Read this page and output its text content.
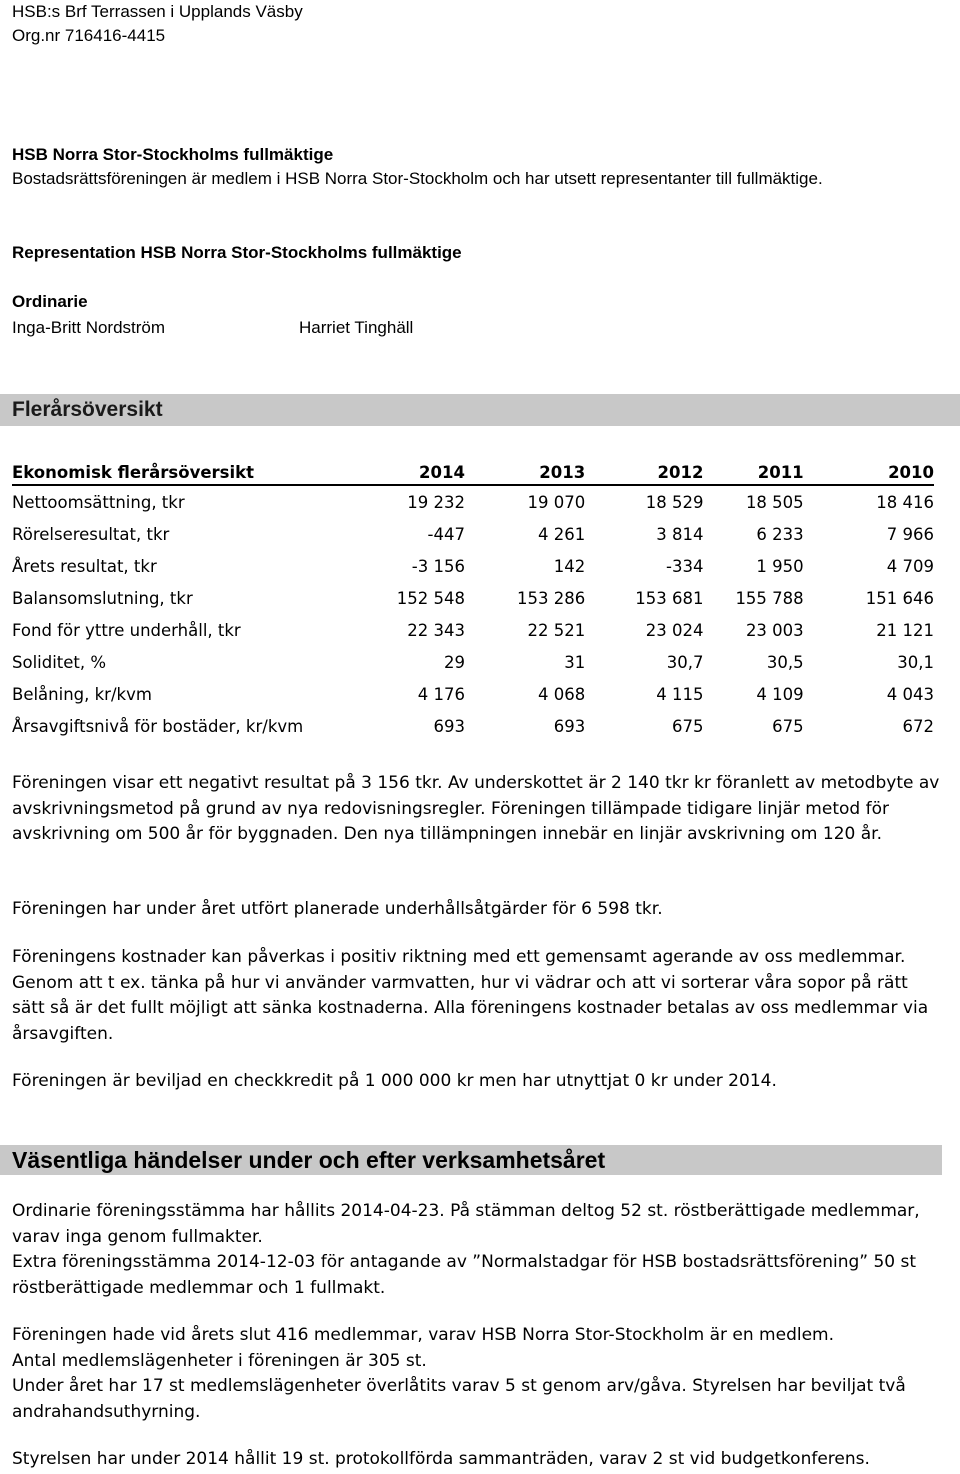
HSB:s Brf Terrassen i Upplands Väsby
Org.nr 716416-4415
HSB Norra Stor-Stockholms fullmäktige
Bostadsrättsföreningen är medlem i HSB Norra Stor-Stockholm och har utsett representanter till fullmäktige.
Representation HSB Norra Stor-Stockholms fullmäktige
Ordinarie
Inga-Britt Nordström	Harriet Tinghäll
Flerårsöversikt
Ekonomisk flerårsöversikt	2014	2013	2012	2011	2010
Nettoomsättning, tkr	19 232	19 070	18 529	18 505	18 416
Rörelseresultat, tkr	-447	4 261	3 814	6 233	7 966
Årets resultat, tkr	-3 156	142	-334	1 950	4 709
Balansomslutning, tkr	152 548	153 286	153 681	155 788	151 646
Fond för yttre underhåll, tkr	22 343	22 521	23 024	23 003	21 121
Soliditet, %	29	31	30,7	30,5	30,1
Belåning, kr/kvm	4 176	4 068	4 115	4 109	4 043
Årsavgiftsnivå för bostäder, kr/kvm	693	693	675	675	672
Föreningen visar ett negativt resultat på 3 156 tkr. Av underskottet är 2 140 tkr kr föranlett av metodbyte av avskrivningsmetod på grund av nya redovisningsregler. Föreningen tillämpade tidigare linjär metod för avskrivning om 500 år för byggnaden. Den nya tillämpningen innebär en linjär avskrivning om 120 år.
Föreningen har under året utfört planerade underhållsåtgärder för 6 598 tkr.
Föreningens kostnader kan påverkas i positiv riktning med ett gemensamt agerande av oss medlemmar. Genom att t ex. tänka på hur vi använder varmvatten, hur vi vädrar och att vi sorterar våra sopor på rätt sätt så är det fullt möjligt att sänka kostnaderna. Alla föreningens kostnader betalas av oss medlemmar via årsavgiften.
Föreningen är beviljad en checkkredit på 1 000 000 kr men har utnyttjat 0 kr under 2014.
Väsentliga händelser under och efter verksamhetsåret

Ordinarie föreningsstämma har hållits 2014-04-23. På stämman deltog 52 st. röstberättigade medlemmar, varav inga genom fullmakter.

Extra föreningsstämma 2014-12-03 för antagande av ”Normalstadgar för HSB bostadsrättsförening” 50 st röstberättigade medlemmar och 1 fullmakt.

Föreningen hade vid årets slut 416 medlemmar, varav HSB Norra Stor-Stockholm är en medlem.

Antal medlemslägenheter i föreningen är 305 st.

Under året har 17 st medlemslägenheter överlåtits varav 5 st genom arv/gåva. Styrelsen har beviljat två andrahandsuthyrning.

Styrelsen har under 2014 hållit 19 st. protokollförda sammanträden, varav 2 st vid budgetkonferens.
